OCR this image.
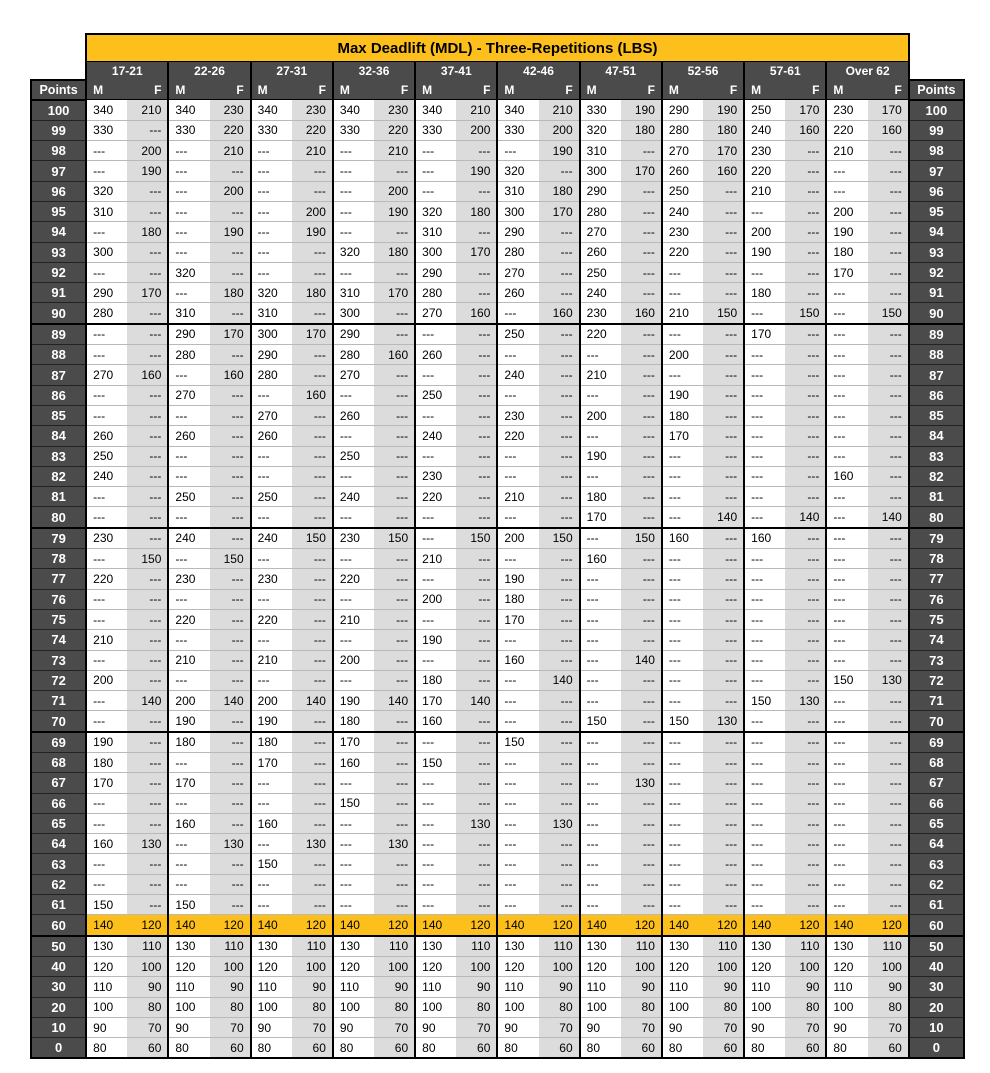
	Max Deadlift (MDL) - Three-Repetitions (LBS)																				
	17-21		22-26		27-31		32-36		37-41		42-46		47-51		52-56		57-61		Over 62		
Points	M	F	M	F	M	F	M	F	M	F	M	F	M	F	M	F	M	F	M	F	Points
100	340	210	340	230	340	230	340	230	340	210	340	210	330	190	290	190	250	170	230	170	100
99	330	---	330	220	330	220	330	220	330	200	330	200	320	180	280	180	240	160	220	160	99
98	---	200	---	210	---	210	---	210	---	---	---	190	310	---	270	170	230	---	210	---	98
97	---	190	---	---	---	---	---	---	---	190	320	---	300	170	260	160	220	---	---	---	97
96	320	---	---	200	---	---	---	200	---	---	310	180	290	---	250	---	210	---	---	---	96
95	310	---	---	---	---	200	---	190	320	180	300	170	280	---	240	---	---	---	200	---	95
94	---	180	---	190	---	190	---	---	310	---	290	---	270	---	230	---	200	---	190	---	94
93	300	---	---	---	---	---	320	180	300	170	280	---	260	---	220	---	190	---	180	---	93
92	---	---	320	---	---	---	---	---	290	---	270	---	250	---	---	---	---	---	170	---	92
91	290	170	---	180	320	180	310	170	280	---	260	---	240	---	---	---	180	---	---	---	91
90	280	---	310	---	310	---	300	---	270	160	---	160	230	160	210	150	---	150	---	150	90
89	---	---	290	170	300	170	290	---	---	---	250	---	220	---	---	---	170	---	---	---	89
88	---	---	280	---	290	---	280	160	260	---	---	---	---	---	200	---	---	---	---	---	88
87	270	160	---	160	280	---	270	---	---	---	240	---	210	---	---	---	---	---	---	---	87
86	---	---	270	---	---	160	---	---	250	---	---	---	---	---	190	---	---	---	---	---	86
85	---	---	---	---	270	---	260	---	---	---	230	---	200	---	180	---	---	---	---	---	85
84	260	---	260	---	260	---	---	---	240	---	220	---	---	---	170	---	---	---	---	---	84
83	250	---	---	---	---	---	250	---	---	---	---	---	190	---	---	---	---	---	---	---	83
82	240	---	---	---	---	---	---	---	230	---	---	---	---	---	---	---	---	---	160	---	82
81	---	---	250	---	250	---	240	---	220	---	210	---	180	---	---	---	---	---	---	---	81
80	---	---	---	---	---	---	---	---	---	---	---	---	170	---	---	140	---	140	---	140	80
79	230	---	240	---	240	150	230	150	---	150	200	150	---	150	160	---	160	---	---	---	79
78	---	150	---	150	---	---	---	---	210	---	---	---	160	---	---	---	---	---	---	---	78
77	220	---	230	---	230	---	220	---	---	---	190	---	---	---	---	---	---	---	---	---	77
76	---	---	---	---	---	---	---	---	200	---	180	---	---	---	---	---	---	---	---	---	76
75	---	---	220	---	220	---	210	---	---	---	170	---	---	---	---	---	---	---	---	---	75
74	210	---	---	---	---	---	---	---	190	---	---	---	---	---	---	---	---	---	---	---	74
73	---	---	210	---	210	---	200	---	---	---	160	---	---	140	---	---	---	---	---	---	73
72	200	---	---	---	---	---	---	---	180	---	---	140	---	---	---	---	---	---	150	130	72
71	---	140	200	140	200	140	190	140	170	140	---	---	---	---	---	---	150	130	---	---	71
70	---	---	190	---	190	---	180	---	160	---	---	---	150	---	150	130	---	---	---	---	70
69	190	---	180	---	180	---	170	---	---	---	150	---	---	---	---	---	---	---	---	---	69
68	180	---	---	---	170	---	160	---	150	---	---	---	---	---	---	---	---	---	---	---	68
67	170	---	170	---	---	---	---	---	---	---	---	---	---	130	---	---	---	---	---	---	67
66	---	---	---	---	---	---	150	---	---	---	---	---	---	---	---	---	---	---	---	---	66
65	---	---	160	---	160	---	---	---	---	130	---	130	---	---	---	---	---	---	---	---	65
64	160	130	---	130	---	130	---	130	---	---	---	---	---	---	---	---	---	---	---	---	64
63	---	---	---	---	150	---	---	---	---	---	---	---	---	---	---	---	---	---	---	---	63
62	---	---	---	---	---	---	---	---	---	---	---	---	---	---	---	---	---	---	---	---	62
61	150	---	150	---	---	---	---	---	---	---	---	---	---	---	---	---	---	---	---	---	61
60	140	120	140	120	140	120	140	120	140	120	140	120	140	120	140	120	140	120	140	120	60
50	130	110	130	110	130	110	130	110	130	110	130	110	130	110	130	110	130	110	130	110	50
40	120	100	120	100	120	100	120	100	120	100	120	100	120	100	120	100	120	100	120	100	40
30	110	90	110	90	110	90	110	90	110	90	110	90	110	90	110	90	110	90	110	90	30
20	100	80	100	80	100	80	100	80	100	80	100	80	100	80	100	80	100	80	100	80	20
10	90	70	90	70	90	70	90	70	90	70	90	70	90	70	90	70	90	70	90	70	10
0	80	60	80	60	80	60	80	60	80	60	80	60	80	60	80	60	80	60	80	60	0
